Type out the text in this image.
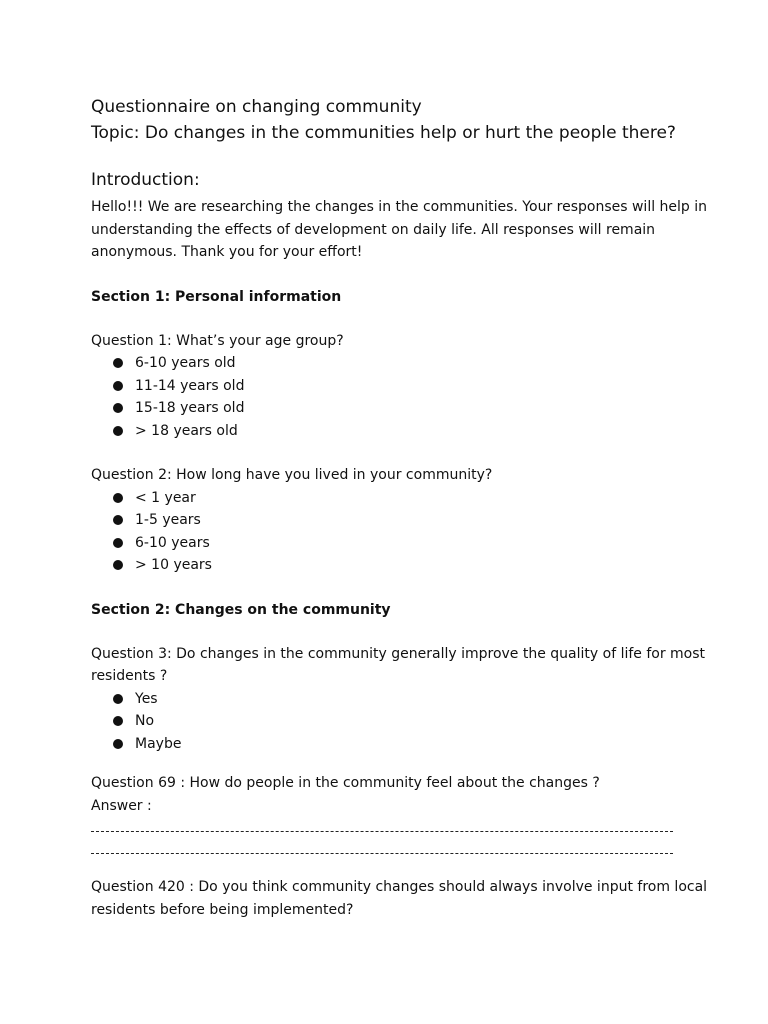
Questionnaire on changing community

Topic: Do changes in the communities help or hurt the people there?

Introduction:

Hello!!! We are researching the changes in the communities. Your responses will help in understanding the effects of development on daily life. All responses will remain anonymous. Thank you for your effort!

Section 1: Personal information

Question 1: What’s your age group?

6-10 years old
11-14 years old
15-18 years old
> 18 years old

Question 2: How long have you lived in your community?

< 1 year
1-5 years
6-10 years
> 10 years

Section 2: Changes on the community

Question 3: Do changes in the community generally improve the quality of life for most residents ?

Yes
No
Maybe

Question 69 : How do people in the community feel about the changes ?

Answer :

Question 420 : Do you think community changes should always involve input from local residents before being implemented?
